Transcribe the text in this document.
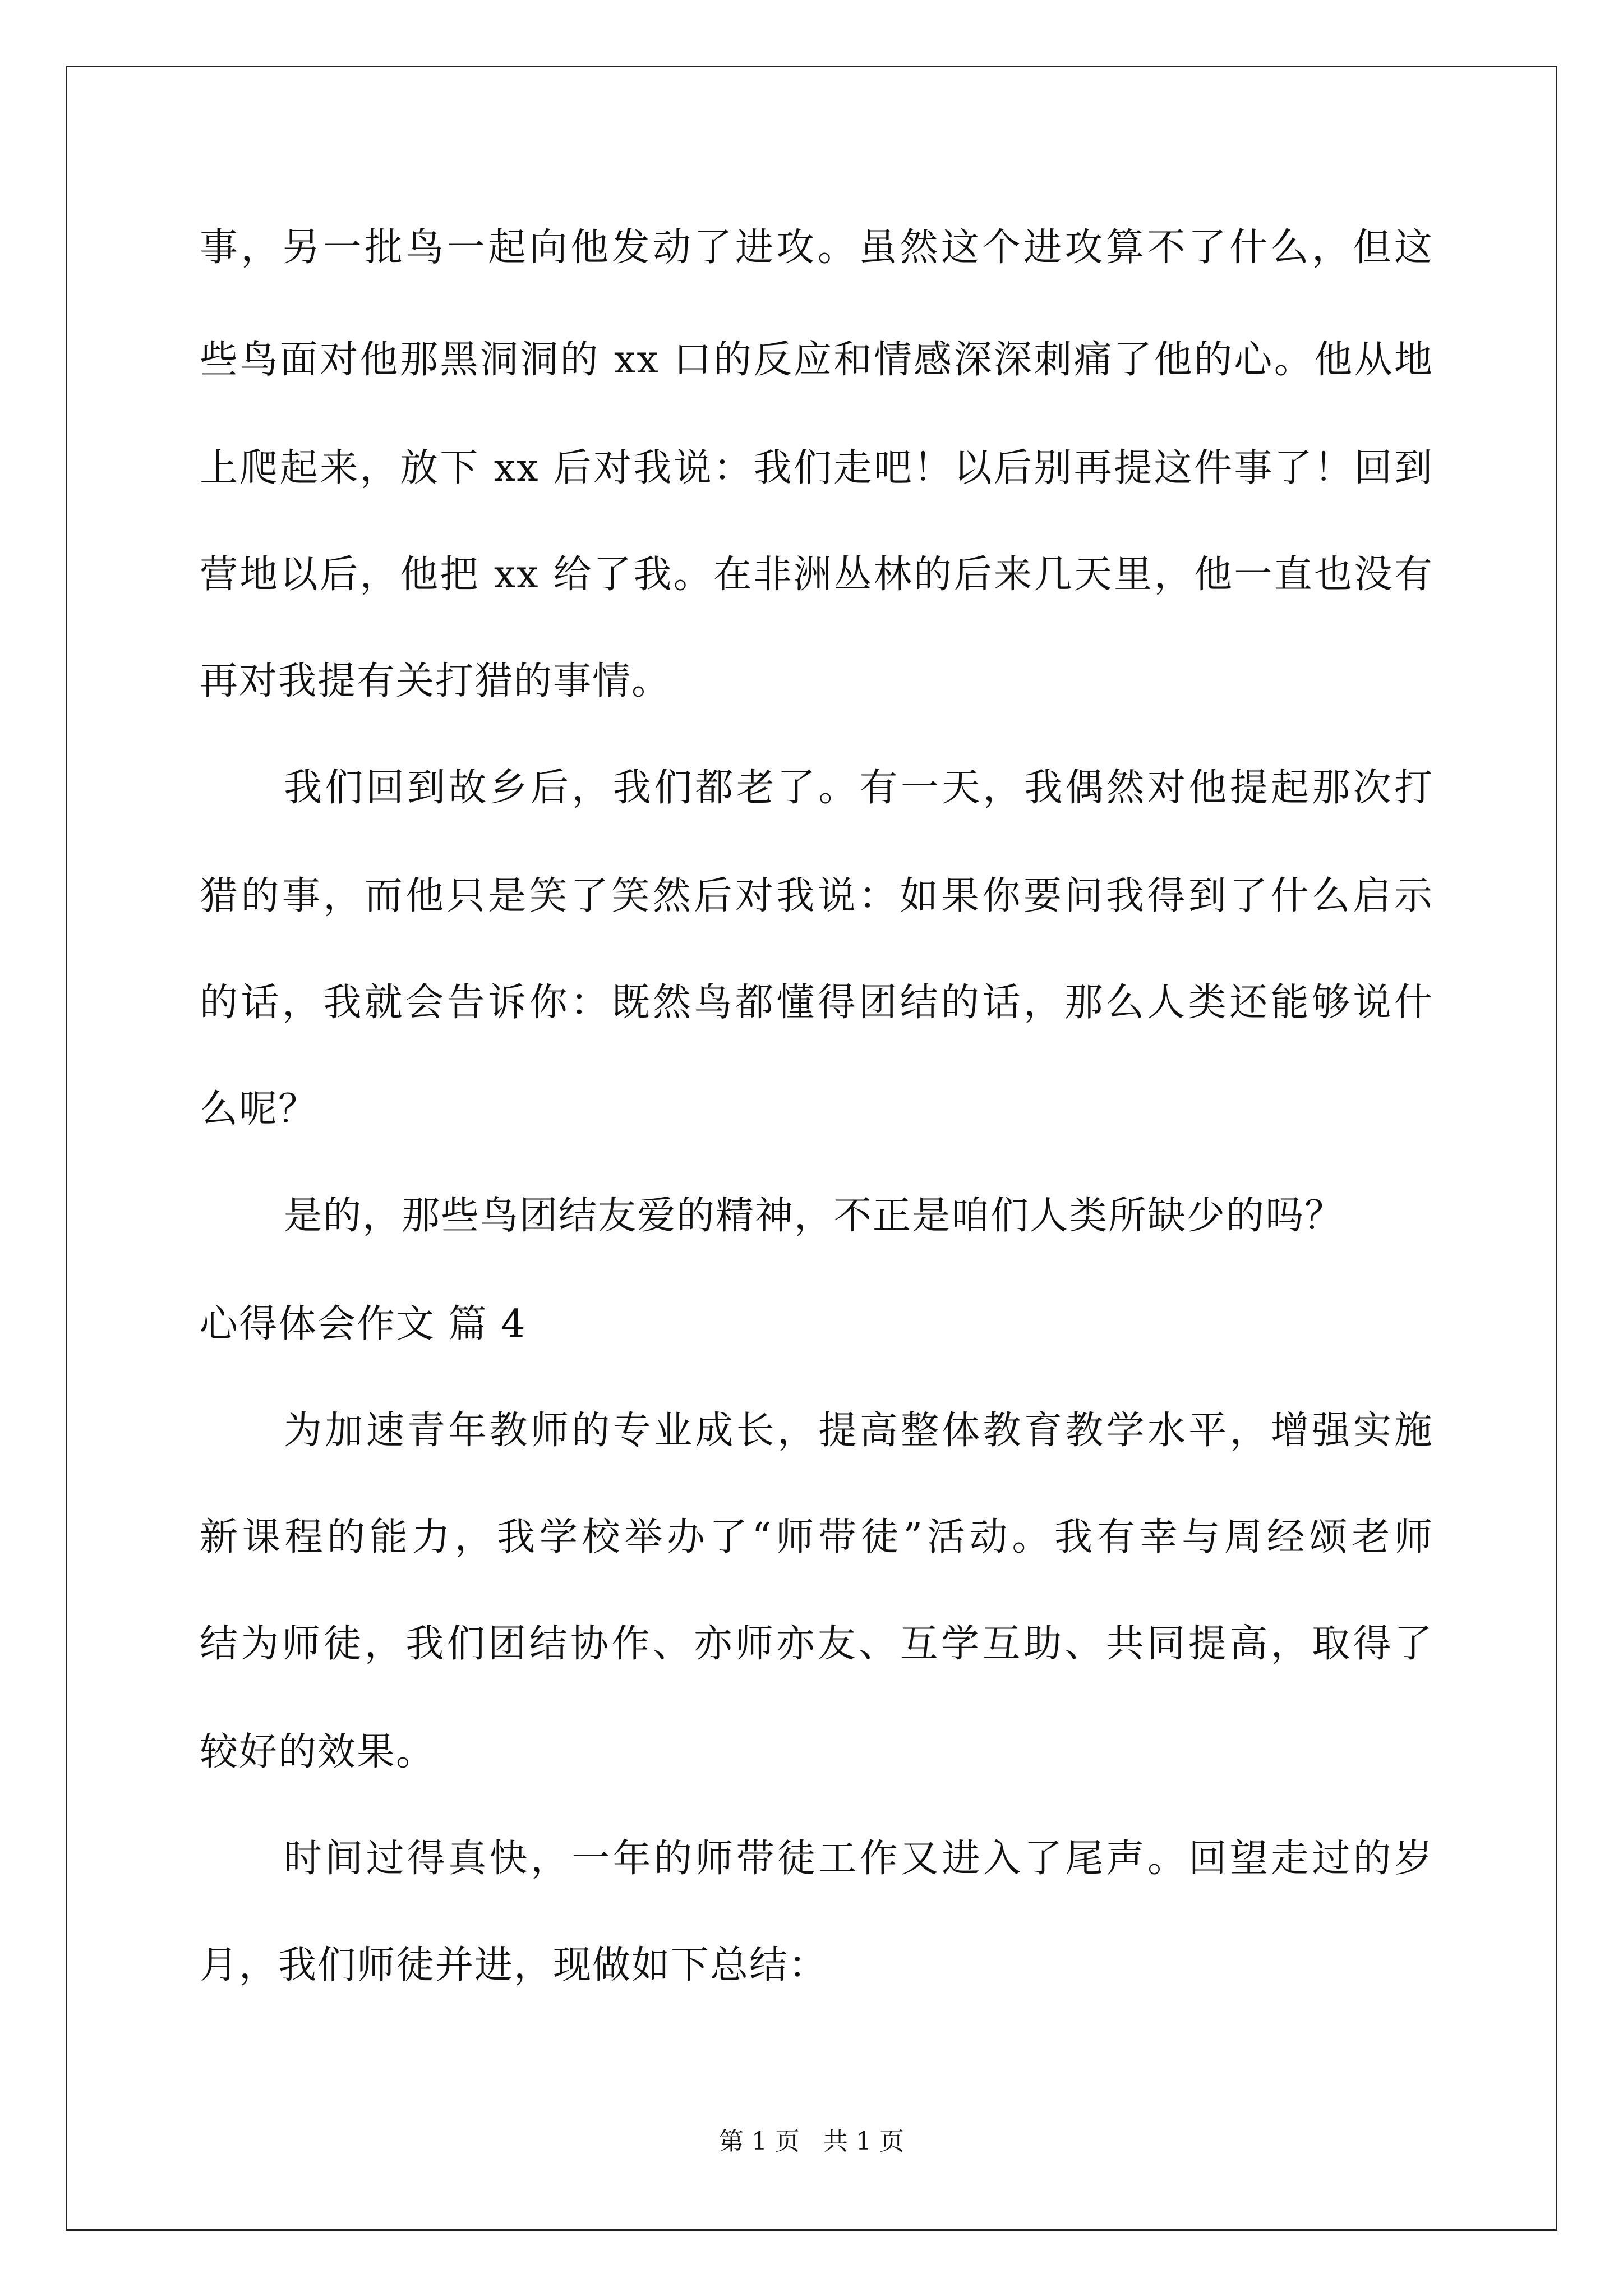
事，另一批鸟一起向他发动了进攻。虽然这个进攻算不了什么，但这
些鸟面对他那黑洞洞的 xx 口的反应和情感深深刺痛了他的心。他从地
上爬起来，放下 xx 后对我说：我们走吧！以后别再提这件事了！回到
营地以后，他把 xx 给了我。在非洲丛林的后来几天里，他一直也没有
再对我提有关打猎的事情。
我们回到故乡后，我们都老了。有一天，我偶然对他提起那次打
猎的事，而他只是笑了笑然后对我说：如果你要问我得到了什么启示
的话，我就会告诉你：既然鸟都懂得团结的话，那么人类还能够说什
么呢？
是的，那些鸟团结友爱的精神，不正是咱们人类所缺少的吗？
心得体会作文 篇 4
为加速青年教师的专业成长，提高整体教育教学水平，增强实施
新课程的能力，我学校举办了“师带徒”活动。我有幸与周经颂老师
结为师徒，我们团结协作、亦师亦友、互学互助、共同提高，取得了
较好的效果。
时间过得真快，一年的师带徒工作又进入了尾声。回望走过的岁
月，我们师徒并进，现做如下总结：
第 1 页   共 1 页
